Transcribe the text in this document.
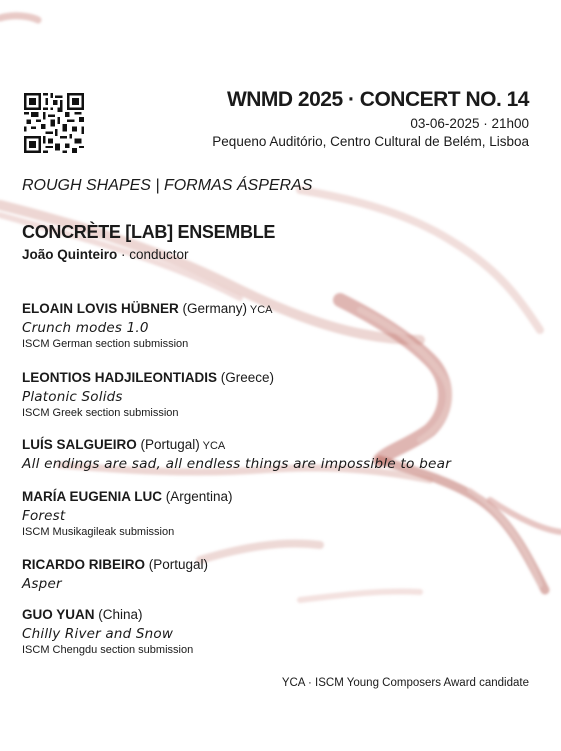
WNMD 2025 · CONCERT NO. 14
03-06-2025 · 21h00
Pequeno Auditório, Centro Cultural de Belém, Lisboa
ROUGH SHAPES | FORMAS ÁSPERAS
CONCRÈTE [LAB] ENSEMBLE
João Quinteiro · conductor
ELOAIN LOVIS HÜBNER (Germany) YCA
Crunch modes 1.0
ISCM German section submission
LEONTIOS HADJILEONTIADIS (Greece)
Platonic Solids
ISCM Greek section submission
LUÍS SALGUEIRO (Portugal) YCA
All endings are sad, all endless things are impossible to bear
MARÍA EUGENIA LUC (Argentina)
Forest
ISCM Musikagileak submission
RICARDO RIBEIRO (Portugal)
Asper
GUO YUAN (China)
Chilly River and Snow
ISCM Chengdu section submission
YCA · ISCM Young Composers Award candidate
